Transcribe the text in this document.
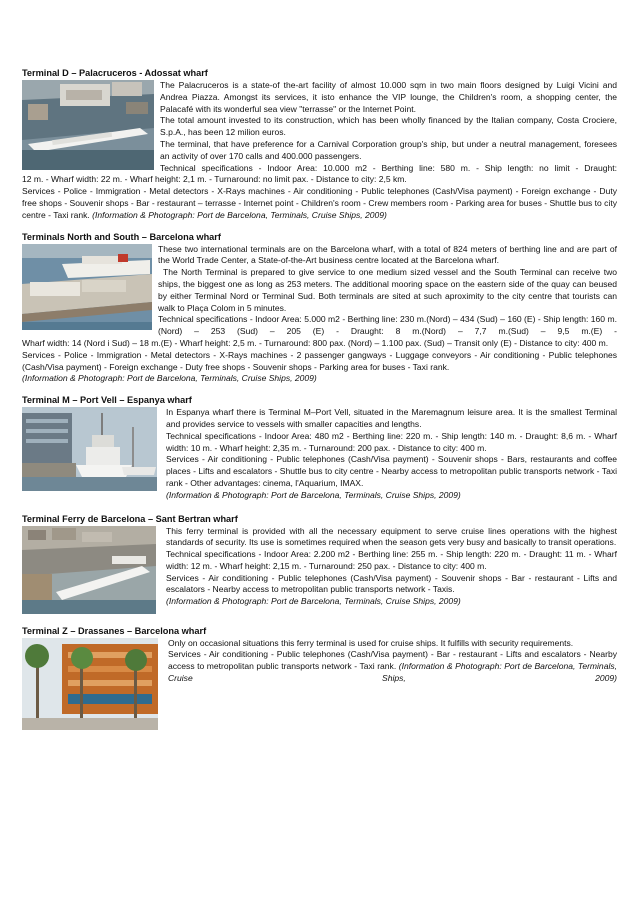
Terminal D – Palacruceros - Adossat wharf

The Palacruceros is a state-of the-art facility of almost 10.000 sqm in two main floors designed by Luigi Vicini and Andrea Piazza. Amongst its services, it isto enhance the VIP lounge, the Children's room, a shopping center, the Palacafé with its wonderful sea view "terrasse" or the Internet Point.

The total amount invested to its construction, which has been wholly financed by the Italian company, Costa Crociere, S.p.A., has been 12 milion euros.

The terminal, that have preference for a Carnival Corporation group's ship, but under a neutral management, foresees an activity of over 170 calls and 400.000 passengers.

Technical specifications - Indoor Area: 10.000 m2 - Berthing line: 580 m. - Ship length: no limit - Draught:

12 m. - Wharf width: 22 m. - Wharf height: 2,1 m. - Turnaround: no limit pax. - Distance to city: 2,5 km.

Services - Police - Immigration - Metal detectors - X-Rays machines - Air conditioning - Public telephones (Cash/Visa payment) - Foreign exchange - Duty free shops - Souvenir shops - Bar - restaurant – terrasse - Internet point - Children's room - Crew members room - Parking area for buses - Shuttle bus to city centre - Taxi rank. (Information & Photograph: Port de Barcelona, Terminals, Cruise Ships, 2009)

Terminals North and South – Barcelona wharf

These two international terminals are on the Barcelona wharf, with a total of 824 meters of berthing line and are part of the World Trade Center, a State-of-the-Art business centre located at the Barcelona wharf.

The North Terminal is prepared to give service to one medium sized vessel and the South Terminal can receive two ships, the biggest one as long as 253 meters. The additional mooring space on the eastern side of the quay can beused by either Terminal Nord or Terminal Sud. Both terminals are sited at such aproximity to the city centre that tourists can walk to Plaça Colom in 5 minutes.

Technical specifications - Indoor Area: 5.000 m2 - Berthing line: 230 m.(Nord) – 434 (Sud) – 160 (E) - Ship length: 160 m.(Nord) – 253 (Sud) – 205 (E) - Draught: 8 m.(Nord) – 7,7 m.(Sud) – 9,5 m.(E) -

Wharf width: 14 (Nord i Sud) – 18 m.(E) - Wharf height: 2,5 m. - Turnaround: 800 pax. (Nord) – 1.100 pax. (Sud) – Transit only (E) - Distance to city: 400 m.

Services - Police - Immigration - Metal detectors - X-Rays machines - 2 passenger gangways - Luggage conveyors - Air conditioning - Public telephones (Cash/Visa payment) - Foreign exchange - Duty free shops - Souvenir shops - Parking area for buses - Taxi rank.

(Information & Photograph: Port de Barcelona, Terminals, Cruise Ships, 2009)

Terminal M – Port Vell – Espanya wharf

In Espanya wharf there is Terminal M–Port Vell, situated in the Maremagnum leisure area. It is the smallest Terminal and provides service to vessels with smaller capacities and lengths.

Technical specifications - Indoor Area: 480 m2 - Berthing line: 220 m. - Ship length: 140 m. - Draught: 8,6 m. - Wharf width: 10 m. - Wharf height: 2,35 m. - Turnaround: 200 pax. - Distance to city: 400 m.

Services - Air conditioning - Public telephones (Cash/Visa payment) - Souvenir shops - Bars, restaurants and coffee places - Lifts and escalators - Shuttle bus to city centre - Nearby access to metropolitan public transports network - Taxi rank - Other advantages: cinema, l'Aquarium, IMAX.

(Information & Photograph: Port de Barcelona, Terminals, Cruise Ships, 2009)

Terminal Ferry de Barcelona – Sant Bertran wharf

This ferry terminal is provided with all the necessary equipment to serve cruise lines operations with the highest standards of security. Its use is sometimes required when the season gets very busy and basically to transit operations.

Technical specifications - Indoor Area: 2.200 m2 - Berthing line: 255 m. - Ship length: 220 m. - Draught: 11 m. - Wharf width: 12 m. - Wharf height: 2,15 m. - Turnaround: 250 pax. - Distance to city: 400 m.

Services - Air conditioning - Public telephones (Cash/Visa payment) - Souvenir shops - Bar - restaurant - Lifts and escalators - Nearby access to metropolitan public transports network - Taxis.

(Information & Photograph: Port de Barcelona, Terminals, Cruise Ships, 2009)

Terminal Z – Drassanes – Barcelona wharf

Only on occasional situations this ferry terminal is used for cruise ships. It fulfills with security requirements.

Services - Air conditioning - Public telephones (Cash/Visa payment) - Bar - restaurant - Lifts and escalators - Nearby access to metropolitan public transports network - Taxi rank. (Information & Photograph: Port de Barcelona, Terminals, Cruise Ships, 2009)
